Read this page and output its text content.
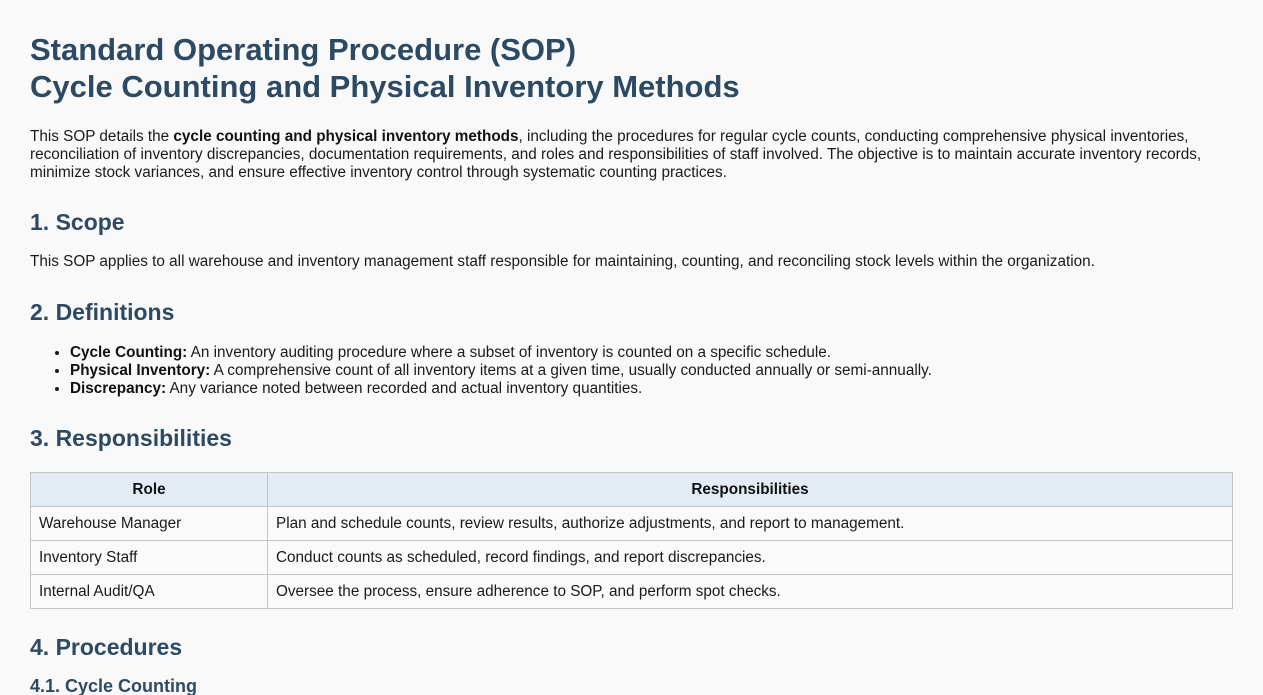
Standard Operating Procedure (SOP)
Cycle Counting and Physical Inventory Methods

This SOP details the cycle counting and physical inventory methods, including the procedures for regular cycle counts, conducting comprehensive physical inventories, reconciliation of inventory discrepancies, documentation requirements, and roles and responsibilities of staff involved. The objective is to maintain accurate inventory records, minimize stock variances, and ensure effective inventory control through systematic counting practices.

1. Scope

This SOP applies to all warehouse and inventory management staff responsible for maintaining, counting, and reconciling stock levels within the organization.

2. Definitions
• Cycle Counting: An inventory auditing procedure where a subset of inventory is counted on a specific schedule.
• Physical Inventory: A comprehensive count of all inventory items at a given time, usually conducted annually or semi-annually.
• Discrepancy: Any variance noted between recorded and actual inventory quantities.
3. Responsibilities
Role	Responsibilities
Warehouse Manager	Plan and schedule counts, review results, authorize adjustments, and report to management.
Inventory Staff	Conduct counts as scheduled, record findings, and report discrepancies.
Internal Audit/QA	Oversee the process, ensure adherence to SOP, and perform spot checks.
4. Procedures
4.1. Cycle Counting
